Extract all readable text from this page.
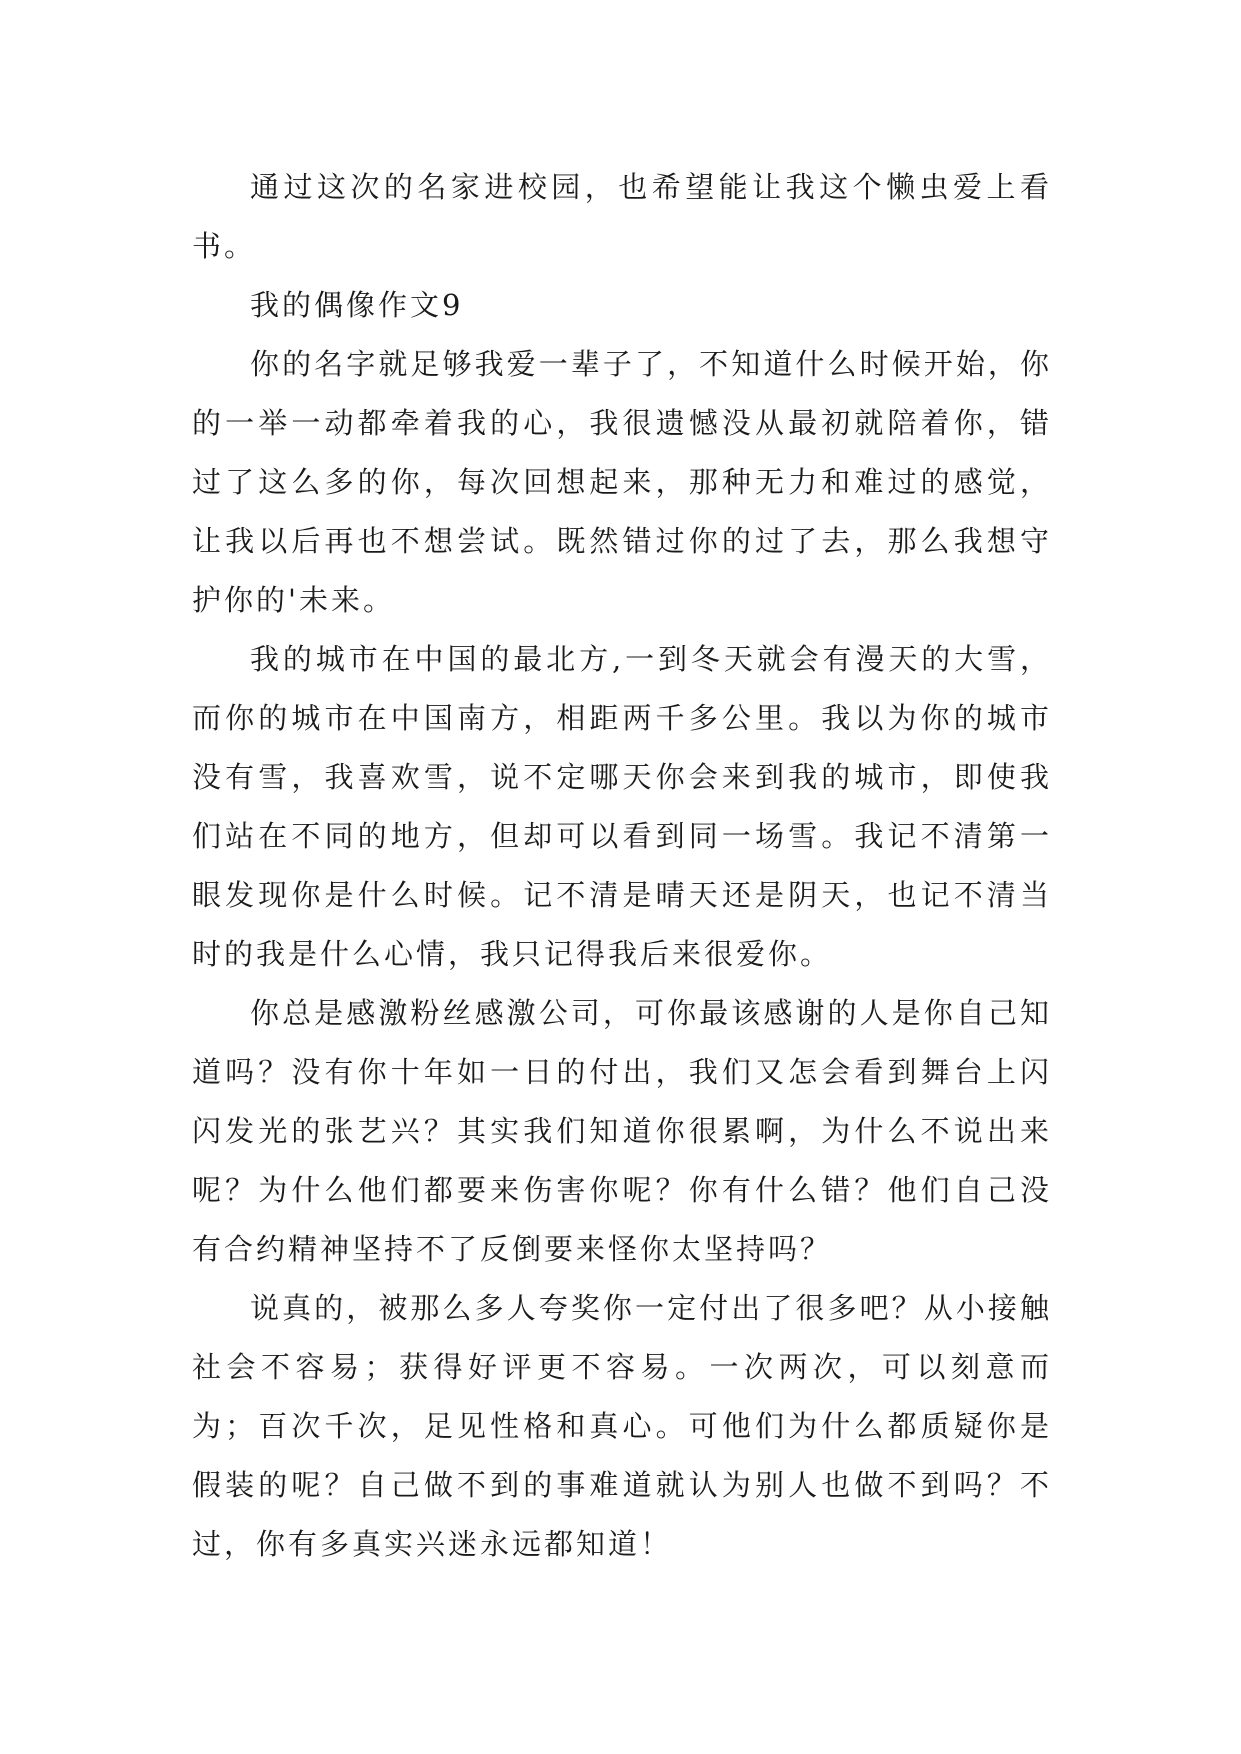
通过这次的名家进校园，也希望能让我这个懒虫爱上看书。

我的偶像作文9

你的名字就足够我爱一辈子了，不知道什么时候开始，你的一举一动都牵着我的心，我很遗憾没从最初就陪着你，错过了这么多的你，每次回想起来，那种无力和难过的感觉，让我以后再也不想尝试。既然错过你的过了去，那么我想守护你的'未来。

我的城市在中国的最北方,一到冬天就会有漫天的大雪，而你的城市在中国南方，相距两千多公里。我以为你的城市没有雪，我喜欢雪，说不定哪天你会来到我的城市，即使我们站在不同的地方，但却可以看到同一场雪。我记不清第一眼发现你是什么时候。记不清是晴天还是阴天，也记不清当时的我是什么心情，我只记得我后来很爱你。

你总是感激粉丝感激公司，可你最该感谢的人是你自己知道吗？没有你十年如一日的付出，我们又怎会看到舞台上闪闪发光的张艺兴？其实我们知道你很累啊，为什么不说出来呢？为什么他们都要来伤害你呢？你有什么错？他们自己没有合约精神坚持不了反倒要来怪你太坚持吗？

说真的，被那么多人夸奖你一定付出了很多吧？从小接触社会不容易；获得好评更不容易。一次两次，可以刻意而为；百次千次，足见性格和真心。可他们为什么都质疑你是假装的呢？自己做不到的事难道就认为别人也做不到吗？不过，你有多真实兴迷永远都知道！
